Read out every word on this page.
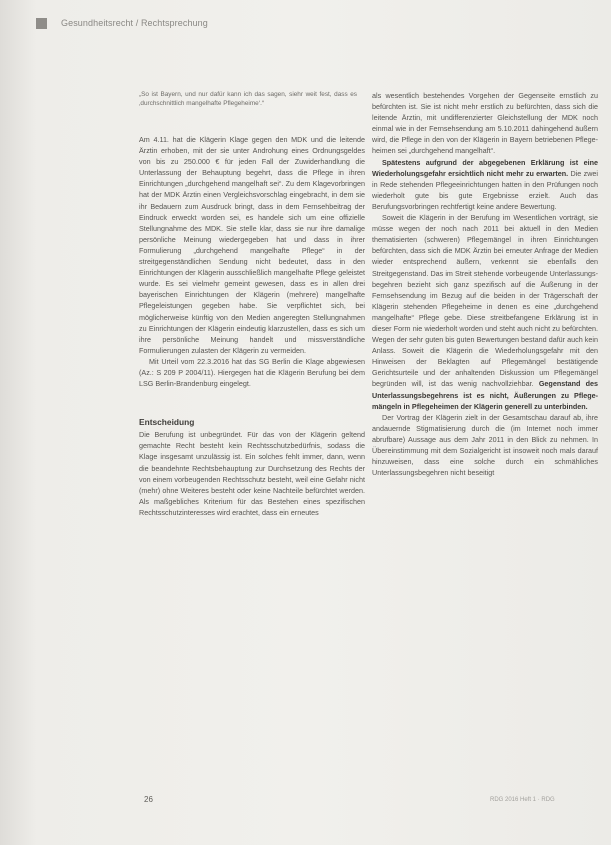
Gesundheitsrecht / Rechtsprechung
„So ist Bayern, und nur dafür kann ich das sagen, siehr weit fest, dass es ‚durchschnittlich mangelhafte Pflegeheime‘.“

Am 4.11. hat die Klägerin Klage gegen den MDK und die leitende Ärztin erhoben, mit der sie unter Androhung eines Ordnungsgeldes von bis zu 250.000 € für jeden Fall der Zuwiderhandlung die Unterlassung der Behauptung begehrt, dass die Pflege in ihren Einrichtungen „durchgehend mangelhaft sei“. Zu dem Klagevorbringen hat der MDK Ärztin einen Vergleichsvorschlag eingebracht, in dem sie ihr Bedauern zum Ausdruck bringt, dass in dem Fernsehbeitrag der Eindruck erweckt worden sei, es handele sich um eine offizielle Stellungnahme des MDK. Sie stelle klar, dass sie nur ihre damalige persönliche Meinung wiedergegeben hat und dass in ihrer Formulierung „durchgehend mangelhafte Pflege“ in der streitgegenständlichen Sendung nicht bedeutet, dass in den Einrichtungen der Klägerin ausschließlich mangelhafte Pflege geleistet wurde. Es sei vielmehr gemeint gewesen, dass es in allen drei bayerischen Einrichtungen der Klägerin (mehrere) mangelhafte Pflegeleistungen gegeben habe. Sie verpflichtet sich, bei möglicherweise künftig von den Medien angeregten Stellungnahmen zu Einrichtungen der Klägerin eindeutig klarzustellen, dass es sich um ihre persönliche Meinung handelt und missverständliche Formulierungen zulasten der Klägerin zu vermeiden.

Mit Urteil vom 22.3.2016 hat das SG Berlin die Klage abgewiesen (Az.: S 209 P 2004/11). Hiergegen hat die Klägerin Berufung bei dem LSG Berlin-Brandenburg eingelegt.

Entscheidung

Die Berufung ist unbegründet. Für das von der Klägerin geltend gemachte Recht besteht kein Rechtsschutzbedürfnis, sodass die Klage insgesamt unzulässig ist. Ein solches fehlt immer, dann, wenn die beandehnte Rechtsbehauptung zur Durchsetzung des Rechts der von einem vorbeugenden Rechtsschutz besteht, weil eine Gefahr nicht (mehr) ohne Weiteres besteht oder keine Nachteile befürchtet werden. Als maßgebliches Kriterium für das Bestehen eines spezifischen Rechtsschutzinteresses wird erachtet, dass ein erneutes

als wesentlich bestehendes Vorgehen der Gegenseite ernstlich zu befürchten ist. Sie ist nicht mehr erstlich zu befürchten, dass sich die leitende Ärztin, mit undifferenzierter Gleichstellung der MDK noch einmal wie in der Fernsehsendung am 5.10.2011 dahingehend äußern wird, die Pflege in den von der Klägerin in Bayern betriebenen Pflegeheimen sei „durchgehend mangelhaft“.

Spätestens aufgrund der abgegebenen Erklärung ist eine Wiederholungsgefahr ersichtlich nicht mehr zu erwarten. Die zwei in Rede stehenden Pflegeeinrichtungen hatten in den Prüfungen noch wiederholt gute bis gute Ergebnisse erzielt. Auch das Berufungsvorbringen rechtfertigt keine andere Bewertung.

Soweit die Klägerin in der Berufung im Wesentlichen vorträgt, sie müsse wegen der noch nach 2011 bei aktuell in den Medien thematisierten (schweren) Pflegemängel in ihren Einrichtungen befürchten, dass sich die MDK Ärztin bei erneuter Anfrage der Medien wieder entsprechend äußern, verkennt sie ebenfalls den Streitgegenstand. Das im Streit stehende vorbeugende Unterlassungsbegehren bezieht sich ganz spezifisch auf die Äußerung in der Fernsehsendung im Bezug auf die beiden in der Trägerschaft der Klägerin stehenden Pflegeheime in denen es eine „durchgehend mangelhafte“ Pflege gebe. Diese streitbefangene Erklärung ist in dieser Form nie wiederholt worden und steht auch nicht zu befürchten. Wegen der sehr guten bis guten Bewertungen bestand dafür auch kein Anlass. Soweit die Klägerin die Wiederholungsgefahr mit den Hinweisen der Beklagten auf Pflegemängel bestätigende Gerichtsurteile und der anhaltenden Diskussion um Pflegemängel begründen will, ist das wenig nachvollziehbar. Gegenstand des Unterlassungsbegehrens ist es nicht, Äußerungen zu Pflegemängeln in Pflegeheimen der Klägerin generell zu unterbinden.

Der Vortrag der Klägerin zielt in der Gesamtschau darauf ab, ihre andauernde Stigmatisierung durch die (im Internet noch immer abrufbare) Aussage aus dem Jahr 2011 in den Blick zu nehmen. In Übereinstimmung mit dem Sozialgericht ist insoweit noch mals darauf hinzuweisen, dass eine solche durch ein schmähliches Unterlassungsbegehren nicht beseitigt

26	RDG 2016 Heft 1 · RDG
